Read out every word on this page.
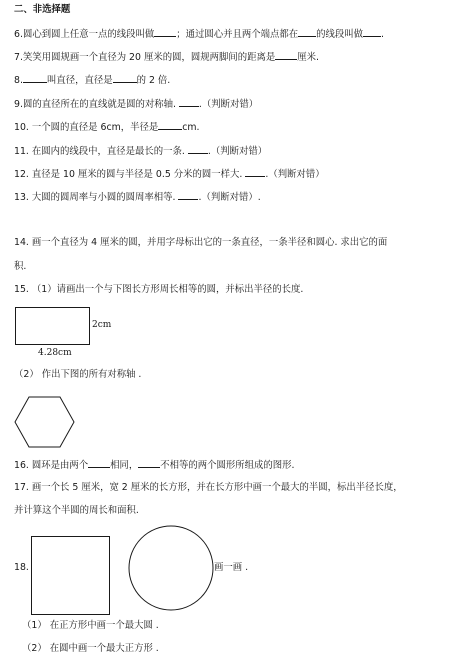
二、非选择题
6.圆心到圆上任意一点的线段叫做 ；通过圆心并且两个端点都在 的线段叫做 .
7.笑笑用圆规画一个直径为 20 厘米的圆，圆规两脚间的距离是 厘米.
8.	叫直径，直径是	的 2 倍.
9.圆的直径所在的直线就是圆的对称轴. .（判断对错）
10. 一个圆的直径是 6cm，半径是	cm.
11. 在圆内的线段中，直径是最长的一条. .（判断对错）
12. 直径是 10 厘米的圆与半径是 0.5 分米的圆一样大. .（判断对错）
13. 大圆的圆周率与小圆的圆周率相等. .（判断对错）.
14. 画一个直径为 4 厘米的圆，并用字母标出它的一条直径，一条半径和圆心. 求出它的面
积.
15. （1）请画出一个与下图长方形周长相等的圆，并标出半径的长度.
2cm
4.28cm
（2） 作出下图的所有对称轴 .
16. 圆环是由两个 相同， 不相等的两个圆形所组成的图形.
17. 画一个长 5 厘米，宽 2 厘米的长方形，并在长方形中画一个最大的半圆，标出半径长度，
并计算这个半圆的周长和面积.
18.	画一画 .
（1） 在正方形中画一个最大圆 .
（2） 在圆中画一个最大正方形 .
